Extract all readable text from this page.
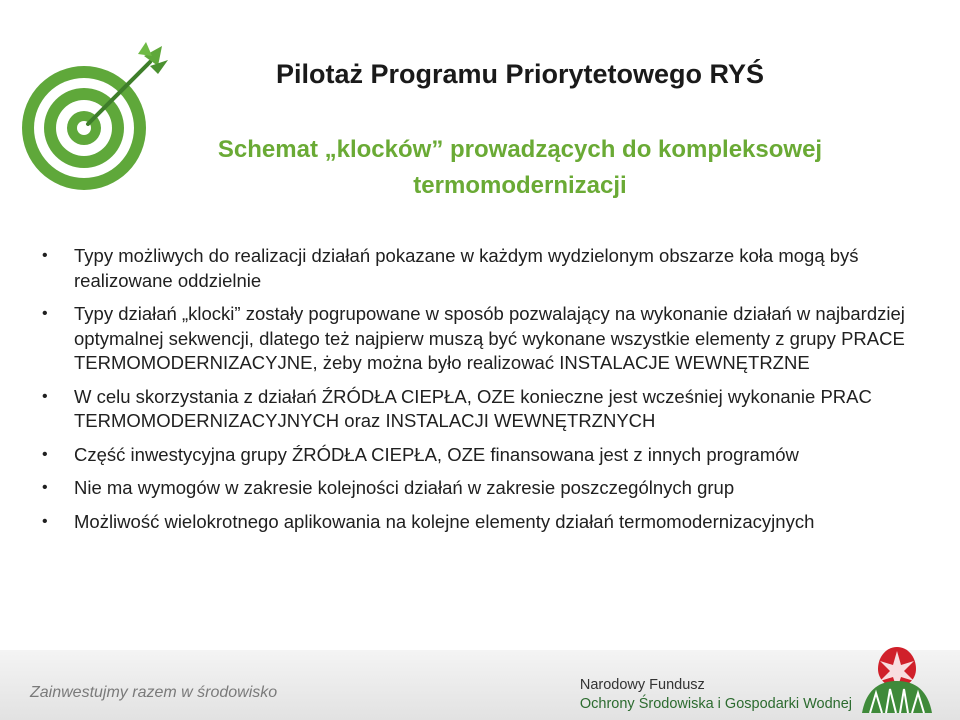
Pilotaż Programu Priorytetowego RYŚ
Schemat „klocków” prowadzących do kompleksowej
termomodernizacji
• Typy możliwych do realizacji działań pokazane w każdym wydzielonym obszarze koła mogą byś realizowane oddzielnie
• Typy działań „klocki” zostały pogrupowane w sposób pozwalający na wykonanie działań w najbardziej optymalnej sekwencji, dlatego też najpierw muszą być wykonane wszystkie elementy z grupy PRACE TERMOMODERNIZACYJNE, żeby można było realizować INSTALACJE WEWNĘTRZNE
• W celu skorzystania z działań ŹRÓDŁA CIEPŁA, OZE konieczne jest wcześniej wykonanie PRAC TERMOMODERNIZACYJNYCH oraz INSTALACJI WEWNĘTRZNYCH
• Część inwestycyjna grupy ŹRÓDŁA CIEPŁA, OZE finansowana jest z innych programów
• Nie ma wymogów w zakresie kolejności działań w zakresie poszczególnych grup
• Możliwość wielokrotnego aplikowania na kolejne elementy działań termomodernizacyjnych
Zainwestujmy razem w środowisko	Narodowy Fundusz
Ochrony Środowiska i Gospodarki Wodnej
